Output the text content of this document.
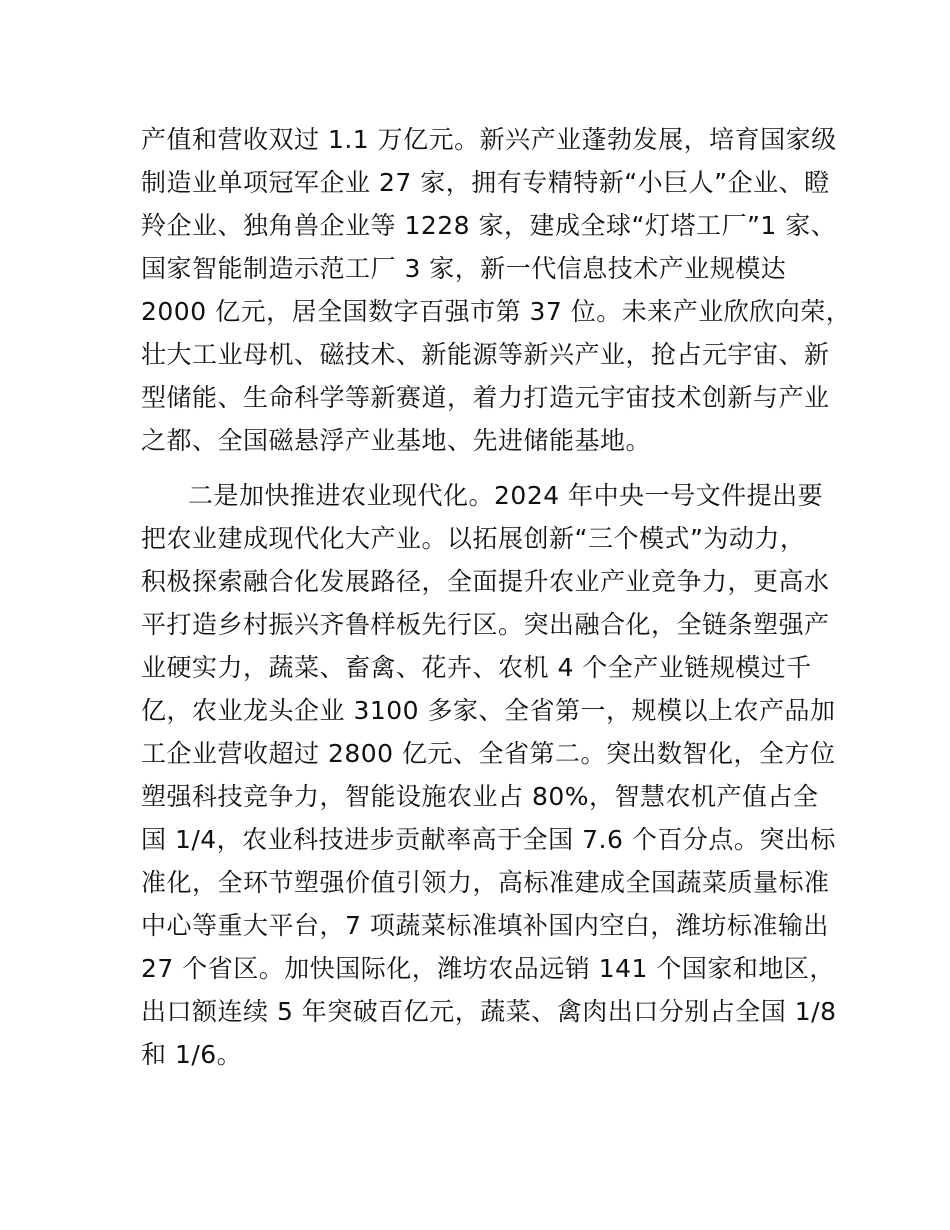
产值和营收双过 1.1 万亿元。新兴产业蓬勃发展，培育国家级
制造业单项冠军企业 27 家，拥有专精特新“小巨人”企业、瞪
羚企业、独角兽企业等 1228 家，建成全球“灯塔工厂”1 家、
国家智能制造示范工厂 3 家，新一代信息技术产业规模达
2000 亿元，居全国数字百强市第 37 位。未来产业欣欣向荣，
壮大工业母机、磁技术、新能源等新兴产业，抢占元宇宙、新
型储能、生命科学等新赛道，着力打造元宇宙技术创新与产业
之都、全国磁悬浮产业基地、先进储能基地。
二是加快推进农业现代化。2024 年中央一号文件提出要
把农业建成现代化大产业。以拓展创新“三个模式”为动力，
积极探索融合化发展路径，全面提升农业产业竞争力，更高水
平打造乡村振兴齐鲁样板先行区。突出融合化，全链条塑强产
业硬实力，蔬菜、畜禽、花卉、农机 4 个全产业链规模过千
亿，农业龙头企业 3100 多家、全省第一，规模以上农产品加
工企业营收超过 2800 亿元、全省第二。突出数智化，全方位
塑强科技竞争力，智能设施农业占 80%，智慧农机产值占全
国 1/4，农业科技进步贡献率高于全国 7.6 个百分点。突出标
准化，全环节塑强价值引领力，高标准建成全国蔬菜质量标准
中心等重大平台，7 项蔬菜标准填补国内空白，潍坊标准输出
27 个省区。加快国际化，潍坊农品远销 141 个国家和地区，
出口额连续 5 年突破百亿元，蔬菜、禽肉出口分别占全国 1/8
和 1/6。
